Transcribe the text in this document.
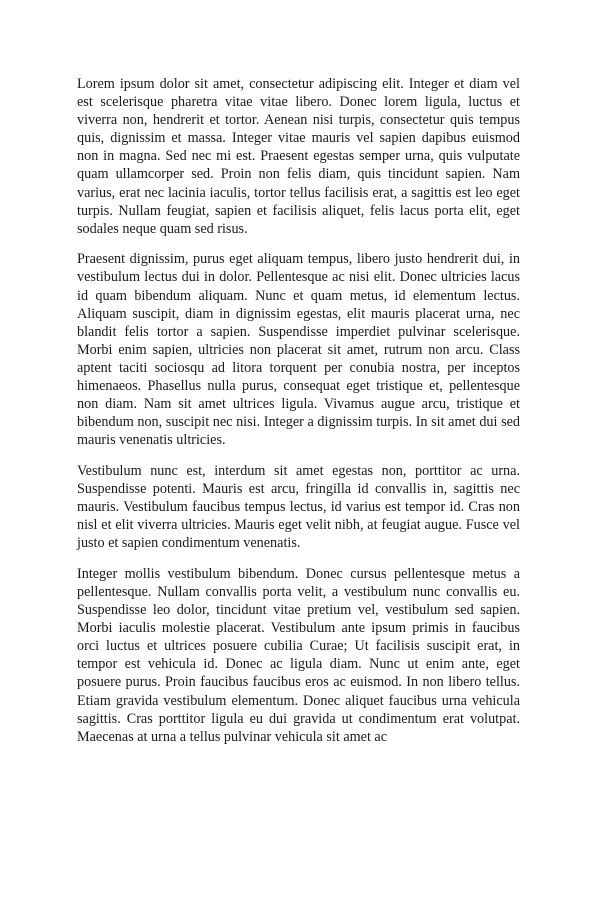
Lorem ipsum dolor sit amet, consectetur adipiscing elit. Integer et diam vel est scelerisque pharetra vitae vitae libero. Donec lorem ligula, luctus et viverra non, hendrerit et tortor. Aenean nisi turpis, consectetur quis tempus quis, dignissim et massa. Integer vitae mauris vel sapien dapibus euismod non in magna. Sed nec mi est. Praesent egestas semper urna, quis vulputate quam ullamcorper sed. Proin non felis diam, quis tincidunt sapien. Nam varius, erat nec lacinia iaculis, tortor tellus facilisis erat, a sagittis est leo eget turpis. Nullam feugiat, sapien et facilisis aliquet, felis lacus porta elit, eget sodales neque quam sed risus.

Praesent dignissim, purus eget aliquam tempus, libero justo hendrerit dui, in vestibulum lectus dui in dolor. Pellentesque ac nisi elit. Donec ultricies lacus id quam bibendum aliquam. Nunc et quam metus, id elementum lectus. Aliquam suscipit, diam in dignissim egestas, elit mauris placerat urna, nec blandit felis tortor a sapien. Suspendisse imperdiet pulvinar scelerisque. Morbi enim sapien, ultricies non placerat sit amet, rutrum non arcu. Class aptent taciti sociosqu ad litora torquent per conubia nostra, per inceptos himenaeos. Phasellus nulla purus, consequat eget tristique et, pellentesque non diam. Nam sit amet ultrices ligula. Vivamus augue arcu, tristique et bibendum non, suscipit nec nisi. Integer a dignissim turpis. In sit amet dui sed mauris venenatis ultricies.

Vestibulum nunc est, interdum sit amet egestas non, porttitor ac urna. Suspendisse potenti. Mauris est arcu, fringilla id convallis in, sagittis nec mauris. Vestibulum faucibus tempus lectus, id varius est tempor id. Cras non nisl et elit viverra ultricies. Mauris eget velit nibh, at feugiat augue. Fusce vel justo et sapien condimentum venenatis.

Integer mollis vestibulum bibendum. Donec cursus pellentesque metus a pellentesque. Nullam convallis porta velit, a vestibulum nunc convallis eu. Suspendisse leo dolor, tincidunt vitae pretium vel, vestibulum sed sapien. Morbi iaculis molestie placerat. Vestibulum ante ipsum primis in faucibus orci luctus et ultrices posuere cubilia Curae; Ut facilisis suscipit erat, in tempor est vehicula id. Donec ac ligula diam. Nunc ut enim ante, eget posuere purus. Proin faucibus faucibus eros ac euismod. In non libero tellus. Etiam gravida vestibulum elementum. Donec aliquet faucibus urna vehicula sagittis. Cras porttitor ligula eu dui gravida ut condimentum erat volutpat. Maecenas at urna a tellus pulvinar vehicula sit amet ac
